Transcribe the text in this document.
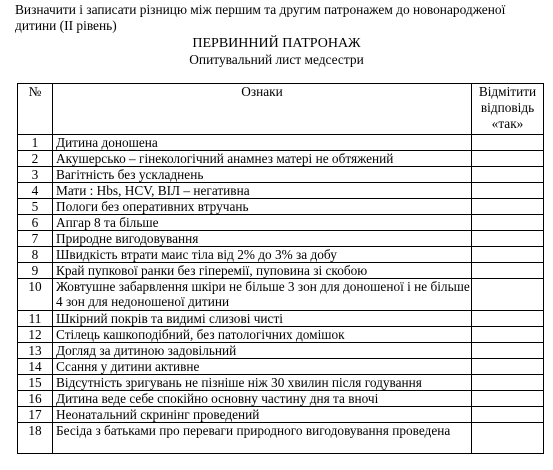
Визначити і записати різницю між першим та другим патронажем до новонародженої дитини (ІІ рівень)
ПЕРВИННИЙ ПАТРОНАЖ
Опитувальний лист медсестри
№	Ознаки	Відмітити відповідь «так»
1	Дитина доношена	
2	Акушерсько – гінекологічний анамнез матері не обтяжений	
3	Вагітність без ускладнень	
4	Мати : Hbs, HCV, ВІЛ – негативна	
5	Пологи без оперативних втручань	
6	Апгар 8 та більше	
7	Природне вигодовування	
8	Швидкість втрати маис тіла від 2% до 3% за добу	
9	Край пупкової ранки без гіперемії, пуповина зі скобою	
10	Жовтушне забарвлення шкіри не більше 3 зон для доношеної і не більше 4 зон для недоношеної дитини	
11	Шкірний покрів та видимі слизові чисті	
12	Стілець кашкоподібний, без патологічних домішок	
13	Догляд за дитиною задовільний	
14	Ссання у дитини активне	
15	Відсутність зригувань не пізніше ніж 30 хвилин після годування	
16	Дитина веде себе спокійно основну частину дня та вночі	
17	Неонатальний скринінг проведений	
18	Бесіда з батьками про переваги природного вигодовування проведена	
